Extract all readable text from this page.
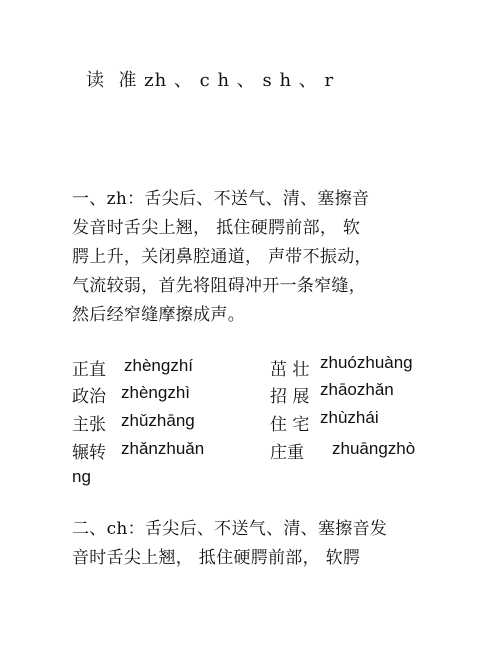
读  准 zh 、 c h 、 s h 、 r
一、zh：舌尖后、不送气、清、塞擦音
发音时舌尖上翘， 抵住硬腭前部， 软
腭上升，关闭鼻腔通道， 声带不振动，
气流较弱，首先将阻碍冲开一条窄缝，
然后经窄缝摩擦成声。
正直 zhèngzhí
政治 zhèngzhì
主张 zhǔzhāng
辗转 zhǎnzhuǎn
ng
茁 壮 zhuózhuàng
招 展 zhāozhǎn
住 宅 zhùzhái
庄重 zhuāngzhò
二、ch：舌尖后、不送气、清、塞擦音发
音时舌尖上翘， 抵住硬腭前部， 软腭
